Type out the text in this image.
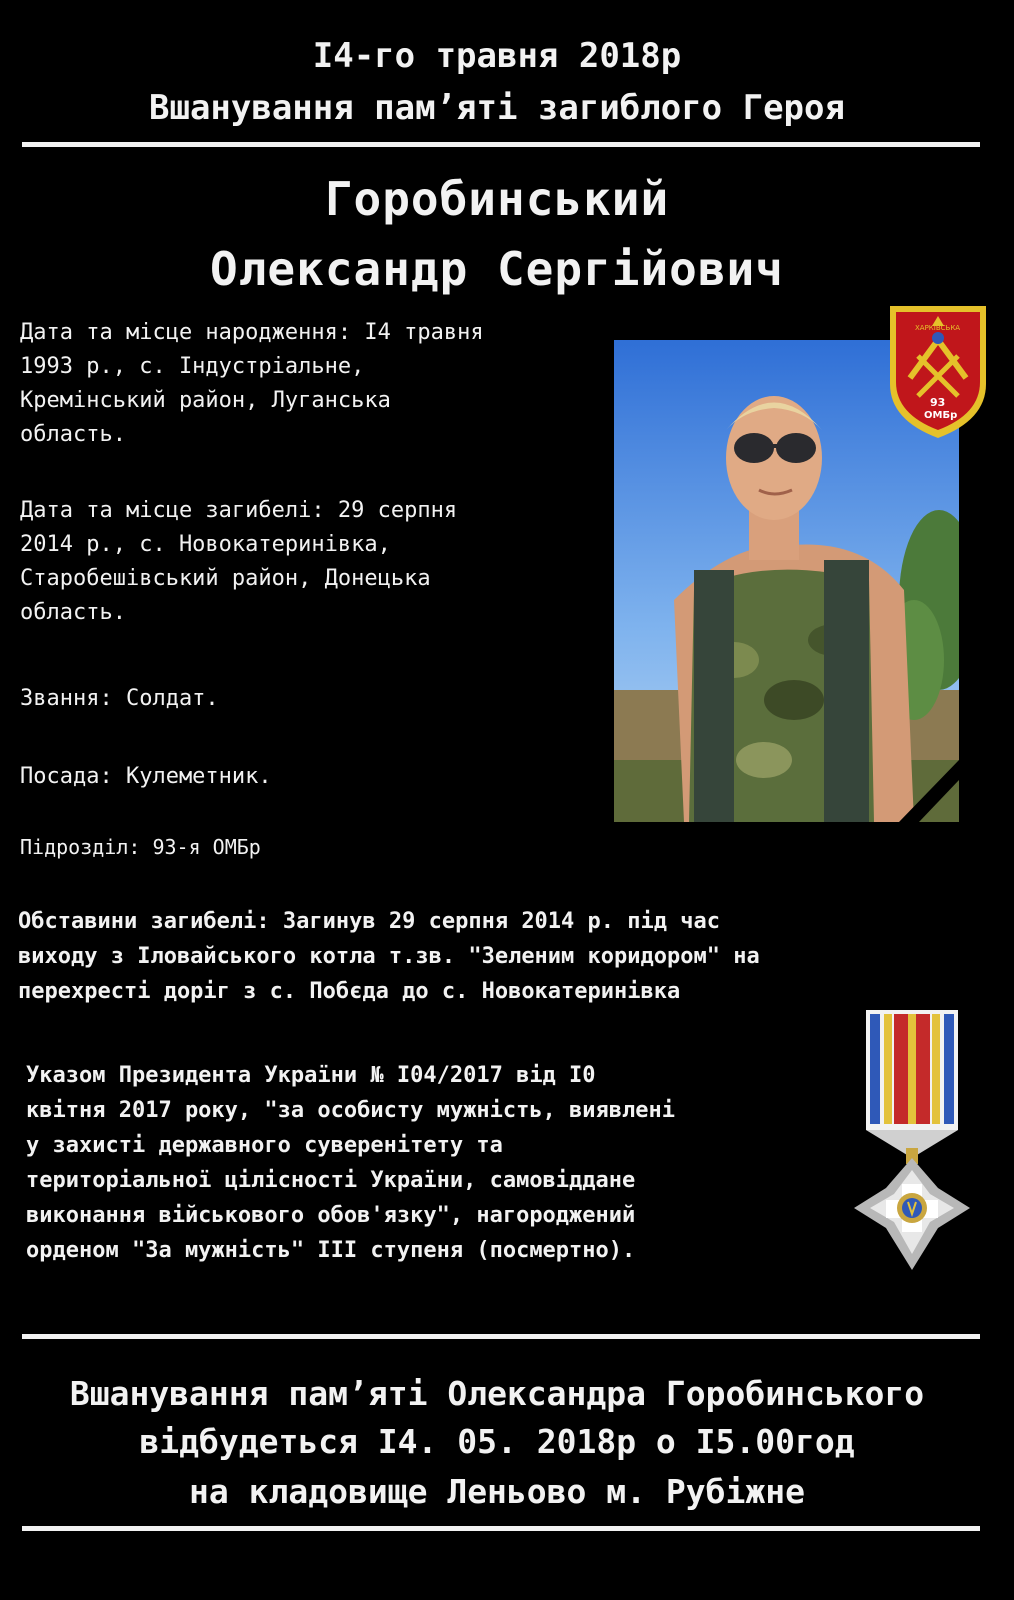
I4-го травня 2018р
Вшанування пам’яті загиблого Героя
Горобинський
Олександр Сергійович
Дата та місце народження: I4 травня
1993 р., с. Індустріальне,
Кремінський район, Луганська
область.
Дата та місце загибелі: 29 серпня
2014 р., с. Новокатеринівка,
Старобешівський район, Донецька
область.
Звання: Солдат.
Посада: Кулеметник.
Підрозділ: 93-я ОМБр
ХАРКІВСЬКА
93
ОМБр
Обставини загибелі: Загинув 29 серпня 2014 р. під час
виходу з Іловайського котла т.зв. "Зеленим коридором" на
перехресті доріг з с. Побєда до с. Новокатеринівка
Указом Президента України № I04/2017 від I0
квітня 2017 року, "за особисту мужність, виявлені
у захисті державного суверенітету та
територіальної цілісності України, самовіддане
виконання військового обов'язку", нагороджений
орденом "За мужність" III ступеня (посмертно).
Вшанування пам’яті Олександра Горобинського
відбудеться I4. 05. 2018р о I5.00год
на кладовище Леньово м. Рубіжне
